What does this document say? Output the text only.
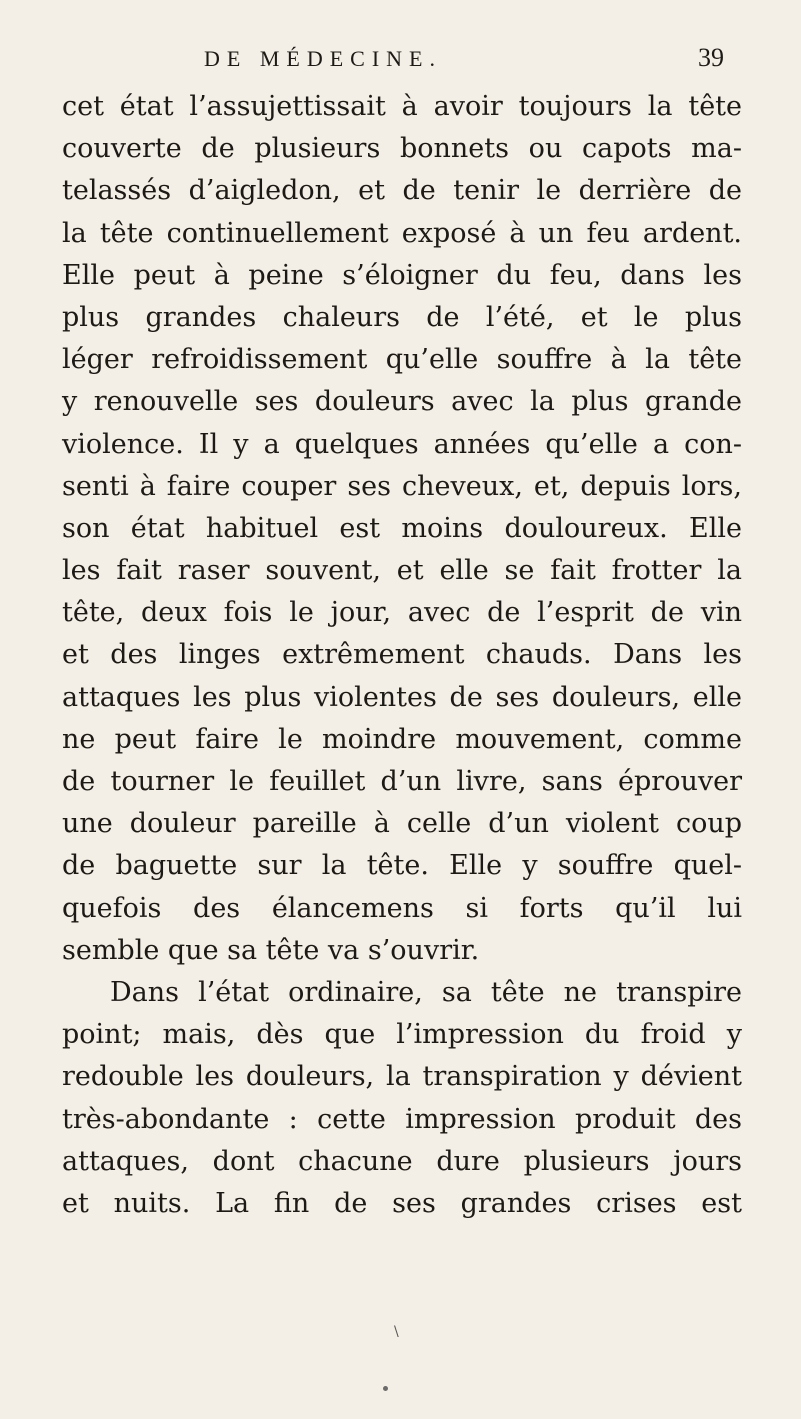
DE MÉDECINE.	39
cet état l’assujettissait à avoir toujours la tête
couverte de plusieurs bonnets ou capots ma-
telassés d’aigledon, et de tenir le derrière de
la tête continuellement exposé à un feu ardent.
Elle peut à peine s’éloigner du feu, dans les
plus grandes chaleurs de l’été, et le plus
léger refroidissement qu’elle souffre à la tête
y renouvelle ses douleurs avec la plus grande
violence. Il y a quelques années qu’elle a con-
senti à faire couper ses cheveux, et, depuis lors,
son état habituel est moins douloureux. Elle
les fait raser souvent, et elle se fait frotter la
tête, deux fois le jour, avec de l’esprit de vin
et des linges extrêmement chauds. Dans les
attaques les plus violentes de ses douleurs, elle
ne peut faire le moindre mouvement, comme
de tourner le feuillet d’un livre, sans éprouver
une douleur pareille à celle d’un violent coup
de baguette sur la tête. Elle y souffre quel-
quefois des élancemens si forts qu’il lui
semble que sa tête va s’ouvrir.
Dans l’état ordinaire, sa tête ne transpire
point; mais, dès que l’impression du froid y
redouble les douleurs, la transpiration y dévient
très-abondante : cette impression produit des
attaques, dont chacune dure plusieurs jours
et nuits. La fin de ses grandes crises est
\
